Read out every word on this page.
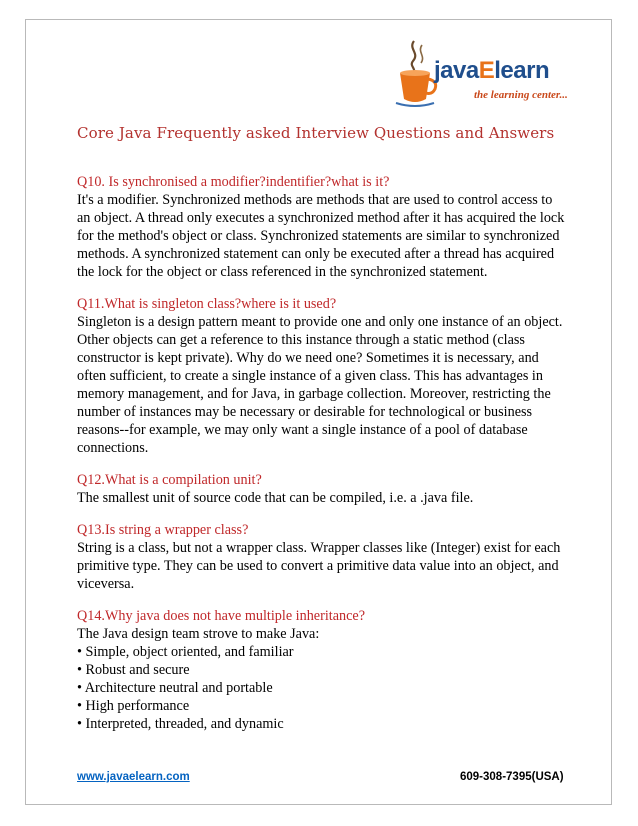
javaElearn
the learning center...
Core Java Frequently asked Interview Questions and Answers
Q10. Is synchronised a modifier?indentifier?what is it?
It's a modifier. Synchronized methods are methods that are used to control access to an object. A thread only executes a synchronized method after it has acquired the lock for the method's object or class. Synchronized statements are similar to synchronized methods. A synchronized statement can only be executed after a thread has acquired the lock for the object or class referenced in the synchronized statement.
Q11.What is singleton class?where is it used?
Singleton is a design pattern meant to provide one and only one instance of an object. Other objects can get a reference to this instance through a static method (class constructor is kept private). Why do we need one? Sometimes it is necessary, and often sufficient, to create a single instance of a given class. This has advantages in memory management, and for Java, in garbage collection. Moreover, restricting the number of instances may be necessary or desirable for technological or business reasons--for example, we may only want a single instance of a pool of database connections.
Q12.What is a compilation unit?
The smallest unit of source code that can be compiled, i.e. a .java file.
Q13.Is string a wrapper class?
String is a class, but not a wrapper class. Wrapper classes like (Integer) exist for each primitive type. They can be used to convert a primitive data value into an object, and viceversa.
Q14.Why java does not have multiple inheritance?
The Java design team strove to make Java:
• Simple, object oriented, and familiar
• Robust and secure
• Architecture neutral and portable
• High performance
• Interpreted, threaded, and dynamic
www.javaelearn.com	609-308-7395(USA)
